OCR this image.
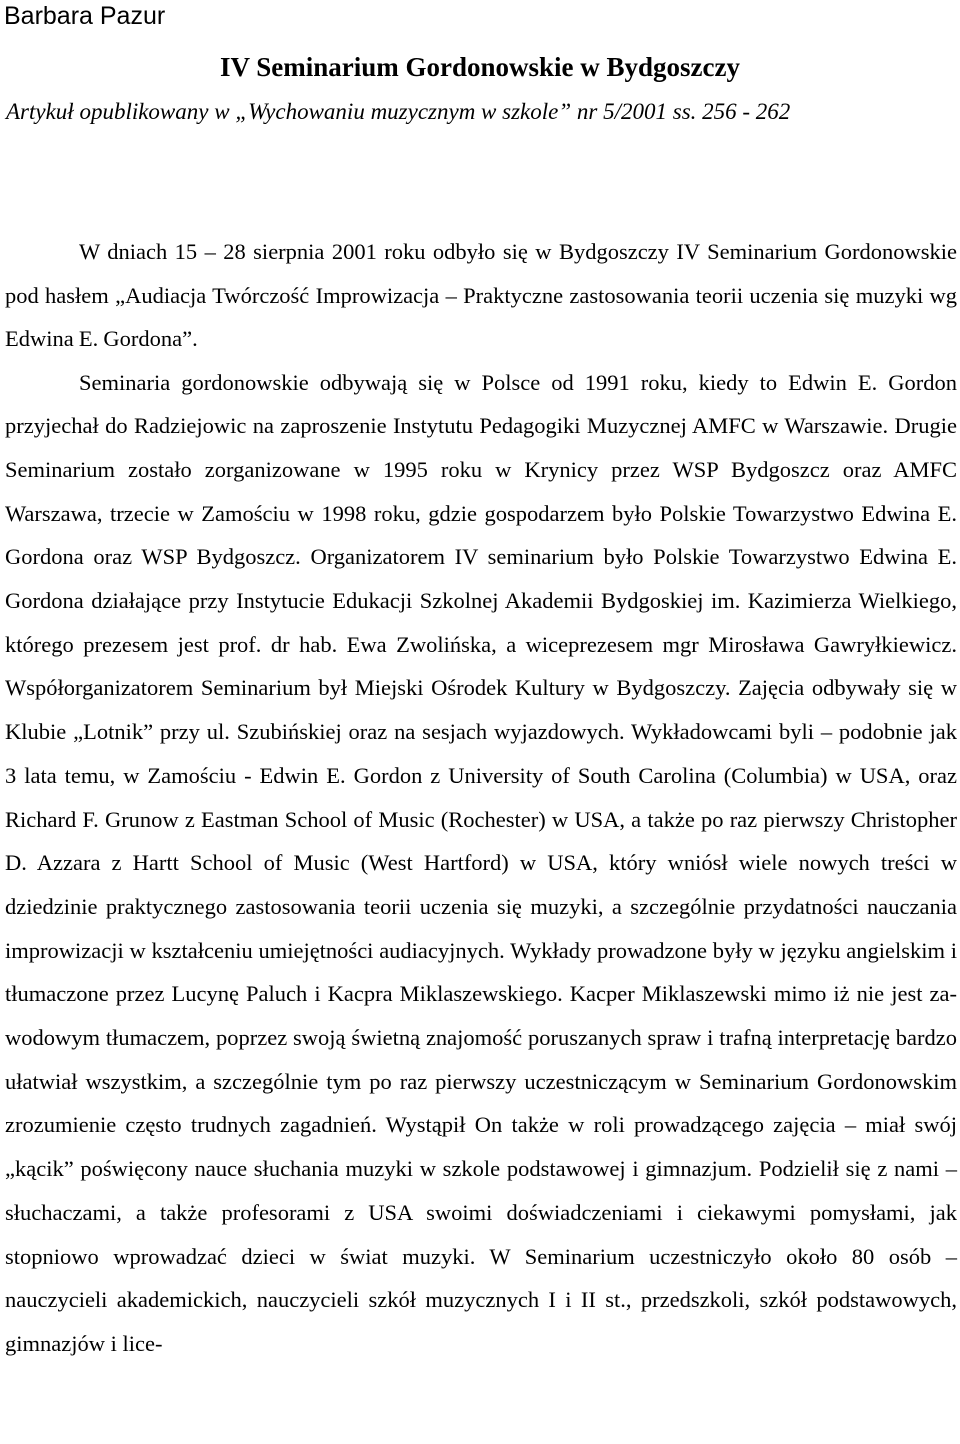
Barbara Pazur
IV Seminarium Gordonowskie w Bydgoszczy

Artykuł opublikowany w „Wychowaniu muzycznym w szkole” nr 5/2001 ss. 256 - 262

W dniach 15 – 28 sierpnia 2001 roku odbyło się w Bydgoszczy IV Seminarium Gordonowskie pod hasłem „Audiacja Twórczość Improwizacja – Praktyczne zastosowania teorii uczenia się muzyki wg Edwina E. Gordona”.

Seminaria gordonowskie odbywają się w Polsce od 1991 roku, kiedy to Edwin E. Gordon przyjechał do Radziejowic na zaproszenie Instytutu Pedagogiki Muzycznej AMFC w Warszawie. Drugie Seminarium zostało zorganizowane w 1995 roku w Krynicy przez WSP Bydgoszcz oraz AMFC Warszawa, trzecie w Zamościu w 1998 roku, gdzie gospodarzem było Polskie Towarzystwo Edwina E. Gordona oraz WSP Bydgoszcz. Organizatorem IV seminarium było Polskie Towarzystwo Edwina E. Gordona działające przy Instytucie Edukacji Szkolnej Akademii Bydgoskiej im. Kazimierza Wielkiego, którego prezesem jest prof. dr hab. Ewa Zwolińska, a wiceprezesem mgr Mirosława Gawryłkiewicz. Współorganizatorem Seminarium był Miejski Ośrodek Kultury w Bydgoszczy. Zajęcia odbywały się w Klubie „Lotnik” przy ul. Szubińskiej oraz na sesjach wyjazdowych. Wykładowcami byli – podobnie jak 3 lata temu, w Zamościu - Edwin E. Gordon z University of South Carolina (Columbia) w USA, oraz Richard F. Grunow z Eastman School of Music (Rochester) w USA, a także po raz pierwszy Christopher D. Azzara z Hartt School of Music (West Hartford) w USA, który wniósł wiele nowych treści w dziedzinie praktycznego zastosowania teorii uczenia się muzyki, a szczególnie przydatności nauczania improwizacji w kształceniu umiejętności audiacyjnych. Wykłady prowadzone były w języku angielskim i tłumaczone przez Lucynę Paluch i Kacpra Miklaszewskiego. Kacper Miklaszewski mimo iż nie jest zawodowym tłumaczem, poprzez swoją świetną znajomość poruszanych spraw i trafną interpretację bardzo ułatwiał wszystkim, a szczególnie tym po raz pierwszy uczestniczącym w Seminarium Gordonowskim zrozumienie często trudnych zagadnień. Wystąpił On także w roli prowadzącego zajęcia – miał swój „kącik” poświęcony nauce słuchania muzyki w szkole podstawowej i gimnazjum. Podzielił się z nami – słuchaczami, a także profesorami z USA swoimi doświadczeniami i ciekawymi pomysłami, jak stopniowo wprowadzać dzieci w świat muzyki. W Seminarium uczestniczyło około 80 osób – nauczycieli akademickich, nauczycieli szkół muzycznych I i II st., przedszkoli, szkół podstawowych, gimnazjów i lice-
